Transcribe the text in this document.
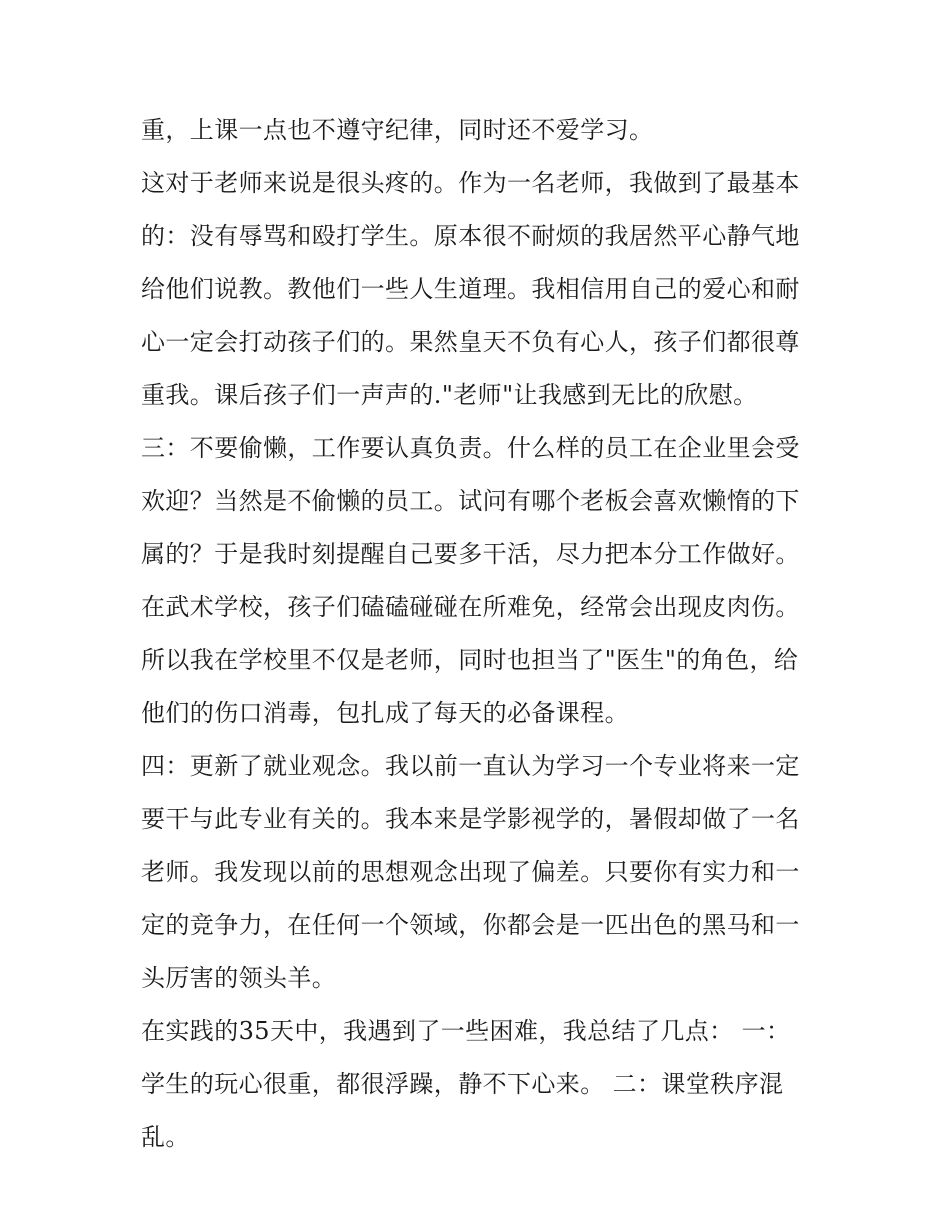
重，上课一点也不遵守纪律，同时还不爱学习。
这对于老师来说是很头疼的。作为一名老师，我做到了最基本
的：没有辱骂和殴打学生。原本很不耐烦的我居然平心静气地
给他们说教。教他们一些人生道理。我相信用自己的爱心和耐
心一定会打动孩子们的。果然皇天不负有心人，孩子们都很尊
重我。课后孩子们一声声的."老师"让我感到无比的欣慰。
三：不要偷懒，工作要认真负责。什么样的员工在企业里会受
欢迎？当然是不偷懒的员工。试问有哪个老板会喜欢懒惰的下
属的？于是我时刻提醒自己要多干活，尽力把本分工作做好。
在武术学校，孩子们磕磕碰碰在所难免，经常会出现皮肉伤。
所以我在学校里不仅是老师，同时也担当了"医生"的角色，给
他们的伤口消毒，包扎成了每天的必备课程。
四：更新了就业观念。我以前一直认为学习一个专业将来一定
要干与此专业有关的。我本来是学影视学的，暑假却做了一名
老师。我发现以前的思想观念出现了偏差。只要你有实力和一
定的竞争力，在任何一个领域，你都会是一匹出色的黑马和一
头厉害的领头羊。
在实践的35天中，我遇到了一些困难，我总结了几点： 一：
学生的玩心很重，都很浮躁，静不下心来。 二：课堂秩序混
乱。
